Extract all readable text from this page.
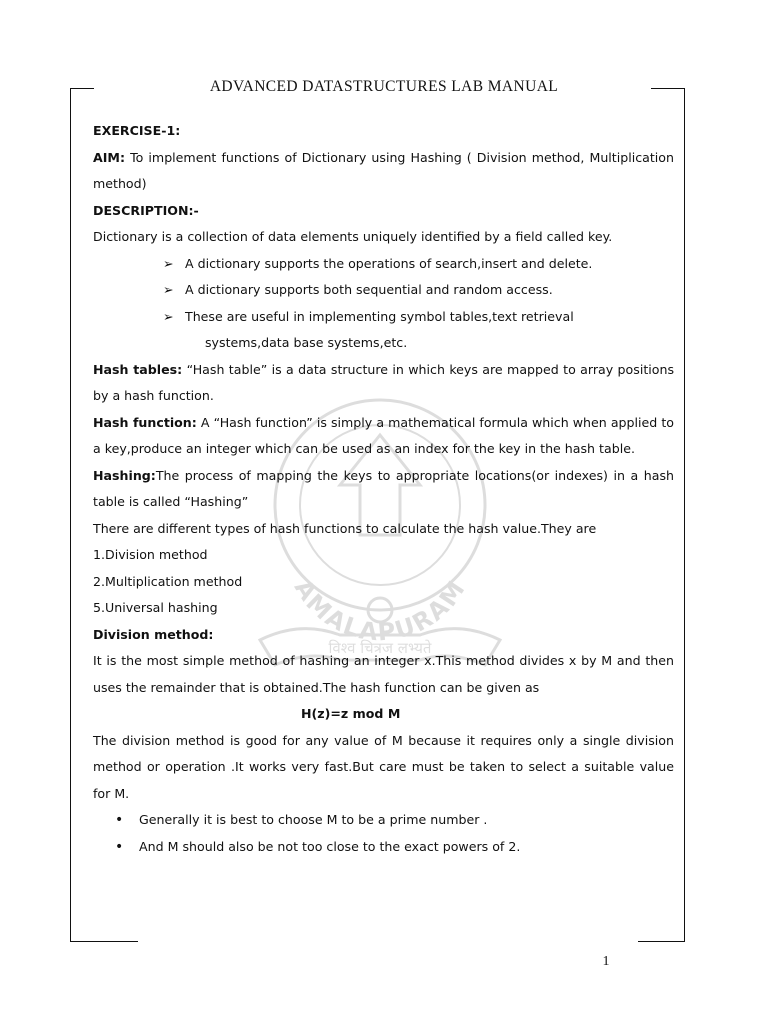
ADVANCED DATASTRUCTURES LAB MANUAL
AMALAPURAM
विश्व चित्रज लभ्यते

EXERCISE-1:

AIM: To implement functions of Dictionary using Hashing ( Division method, Multiplication method)

DESCRIPTION:-

Dictionary is a collection of data elements uniquely identified by a field called key.

➢ A dictionary supports the operations of search,insert and delete.

➢ A dictionary supports both sequential and random access.

➢ These are useful in implementing symbol tables,text retrieval

systems,data base systems,etc.

Hash tables: “Hash table” is a data structure in which keys are mapped to array positions by a hash function.

Hash function: A “Hash function” is simply a mathematical formula which when applied to a key,produce an integer which can be used as an index for the key in the hash table.

Hashing:The process of mapping the keys to appropriate locations(or indexes) in a hash table is called “Hashing”

There are different types of hash functions to calculate the hash value.They are

1.Division method

2.Multiplication method

5.Universal hashing

Division method:

It is the most simple method of hashing an integer x.This method divides x by M and then uses the remainder that is obtained.The hash function can be given as

H(z)=z mod M

The division method is good for any value of M because it requires only a single division method or operation .It works very fast.But care must be taken to select a suitable value for M.

•	Generally it is best to choose M to be a prime number .

•	And M should also be not too close to the exact powers of 2.

1
